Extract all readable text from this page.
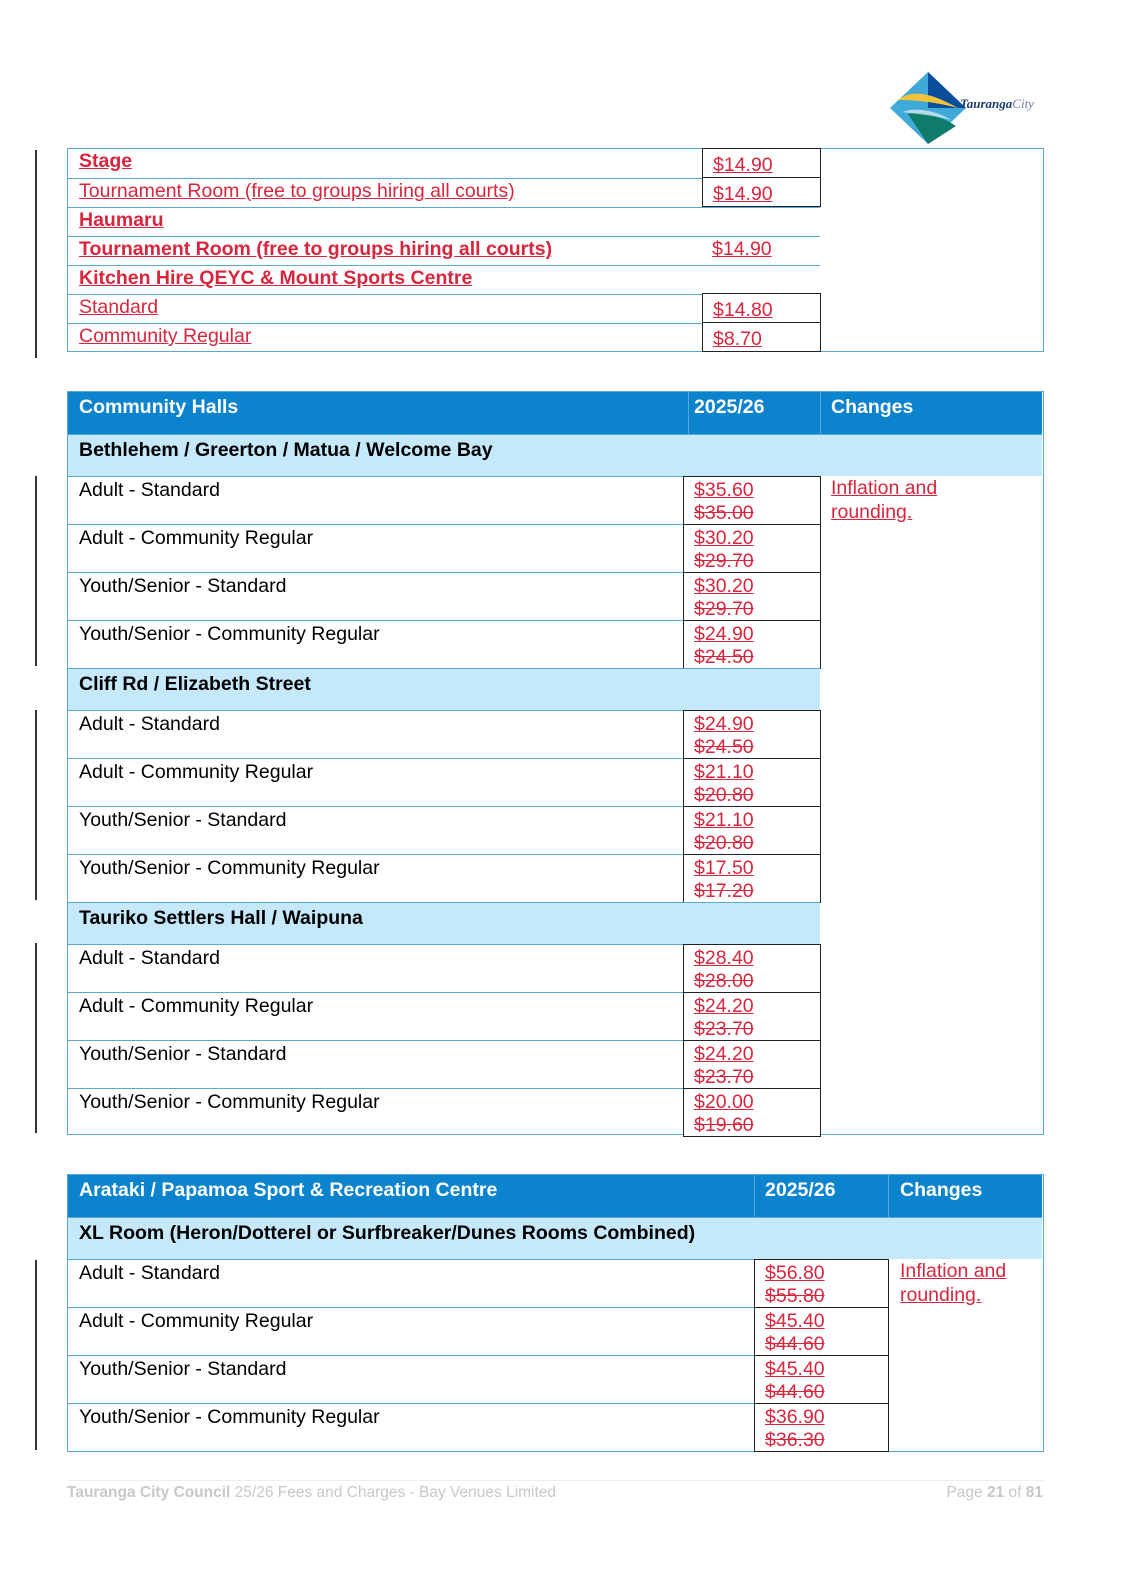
TaurangaCity
Stage	$14.90
Tournament Room (free to groups hiring all courts)	$14.90
Haumaru
Tournament Room (free to groups hiring all courts)	$14.90
Kitchen Hire QEYC & Mount Sports Centre
Standard	$14.80
Community Regular	$8.70
Community Halls	2025/26	Changes
Bethlehem / Greerton / Matua / Welcome Bay
Adult - Standard	$35.60
$35.00
Adult - Community Regular	$30.20
$29.70
Youth/Senior - Standard	$30.20
$29.70
Youth/Senior - Community Regular	$24.90
$24.50
Cliff Rd / Elizabeth Street
Adult - Standard	$24.90
$24.50
Adult - Community Regular	$21.10
$20.80
Youth/Senior - Standard	$21.10
$20.80
Youth/Senior - Community Regular	$17.50
$17.20
Tauriko Settlers Hall / Waipuna
Adult - Standard	$28.40
$28.00
Adult - Community Regular	$24.20
$23.70
Youth/Senior - Standard	$24.20
$23.70
Youth/Senior - Community Regular	$20.00
$19.60
Inflation and
rounding.
Arataki / Papamoa Sport & Recreation Centre	2025/26	Changes
XL Room (Heron/Dotterel or Surfbreaker/Dunes Rooms Combined)
Adult - Standard	$56.80
$55.80
Adult - Community Regular	$45.40
$44.60
Youth/Senior - Standard	$45.40
$44.60
Youth/Senior - Community Regular	$36.90
$36.30
Inflation and
rounding.
Tauranga City Council 25/26 Fees and Charges - Bay Venues Limited	Page 21 of 81
